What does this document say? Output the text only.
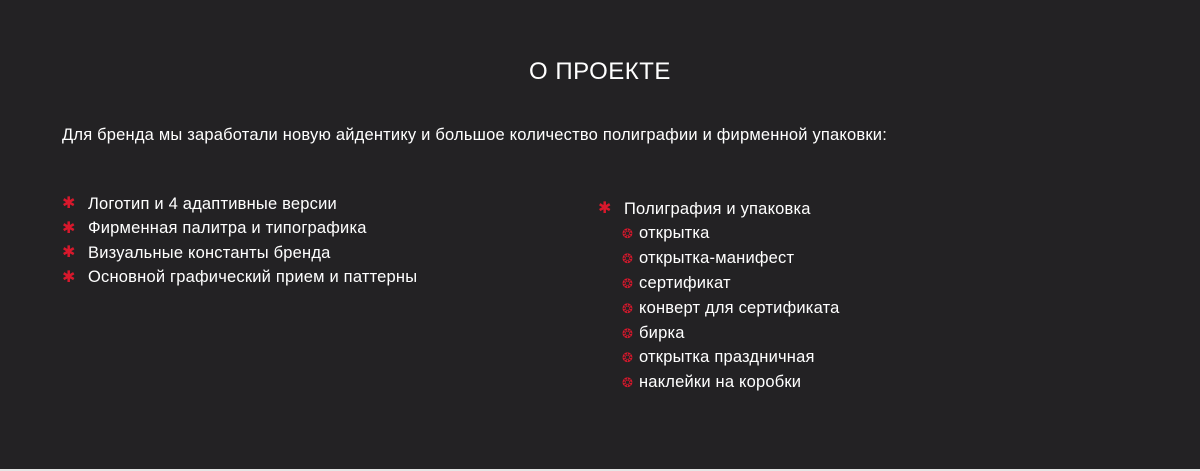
О ПРОЕКТЕ

Для бренда мы заработали новую айдентику и большое количество полиграфии и фирменной упаковки:

✱ Логотип и 4 адаптивные версии
✱ Фирменная палитра и типографика
✱ Визуальные константы бренда
✱ Основной графический прием и паттерны
✱ Полиграфия и упаковка
❂ открытка
❂ открытка-манифест
❂ сертификат
❂ конверт для сертификата
❂ бирка
❂ открытка праздничная
❂ наклейки на коробки
